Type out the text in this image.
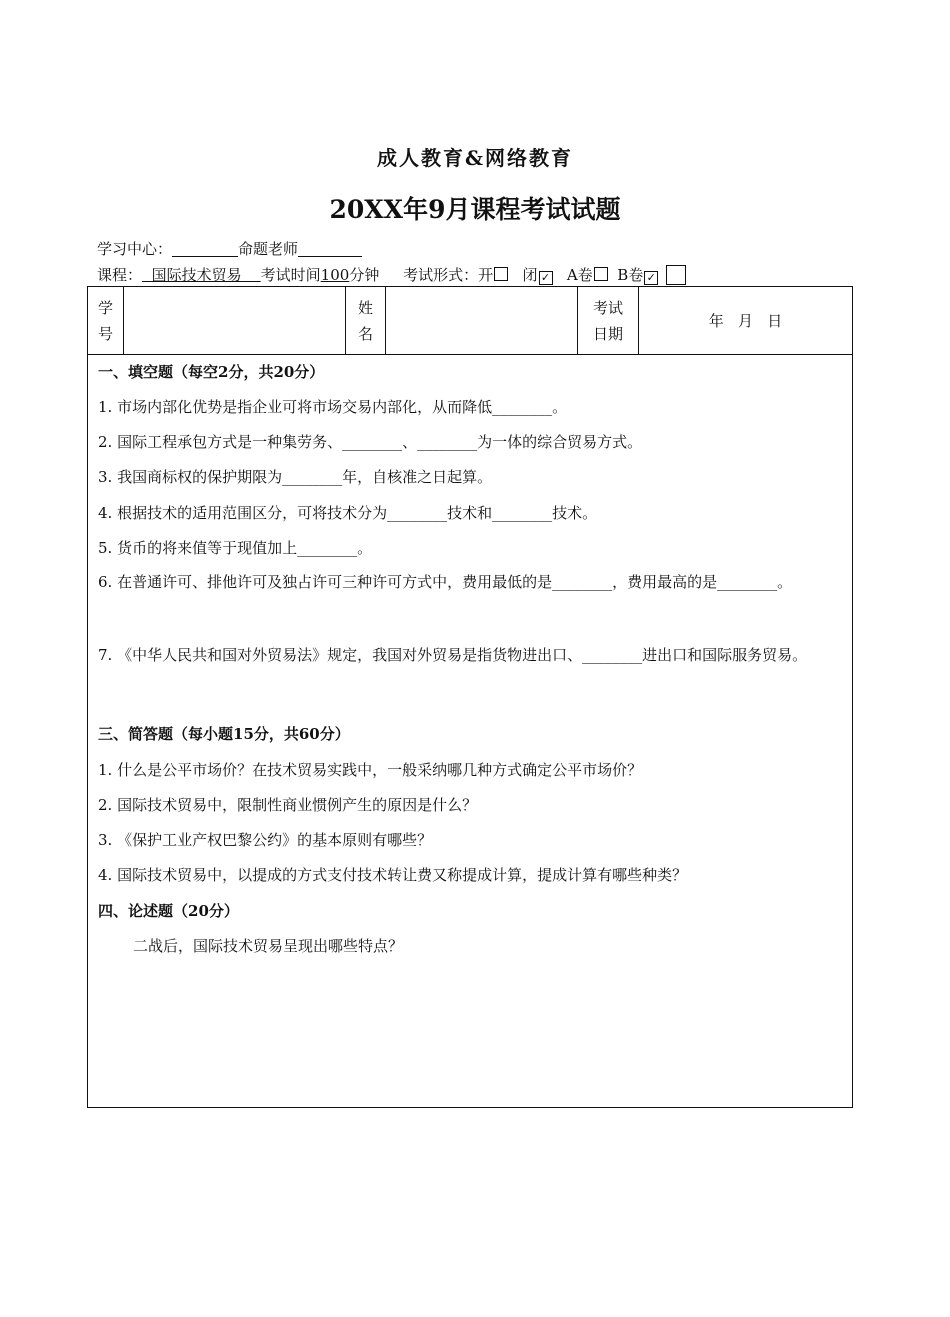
成人教育&网络教育
20XX年9月课程考试试题
学习中心：	命题老师
课程： 国际技术贸易 考试时间100分钟 考试形式：开 闭 ✓ A卷 B卷 ✓
学
号
姓
名
考试
日期
年   月   日
一、填空题（每空2分，共20分）
1. 市场内部化优势是指企业可将市场交易内部化，从而降低________。
2. 国际工程承包方式是一种集劳务、________、________为一体的综合贸易方式。
3. 我国商标权的保护期限为________年，自核准之日起算。
4. 根据技术的适用范围区分，可将技术分为________技术和________技术。
5. 货币的将来值等于现值加上________。
6. 在普通许可、排他许可及独占许可三种许可方式中，费用最低的是________，费用最高的是________。
7. 《中华人民共和国对外贸易法》规定，我国对外贸易是指货物进出口、________进出口和国际服务贸易。
三、简答题（每小题15分，共60分）
1. 什么是公平市场价？在技术贸易实践中，一般采纳哪几种方式确定公平市场价？
2. 国际技术贸易中，限制性商业惯例产生的原因是什么？
3. 《保护工业产权巴黎公约》的基本原则有哪些？
4. 国际技术贸易中，以提成的方式支付技术转让费又称提成计算，提成计算有哪些种类？
四、论述题（20分）
二战后，国际技术贸易呈现出哪些特点？
